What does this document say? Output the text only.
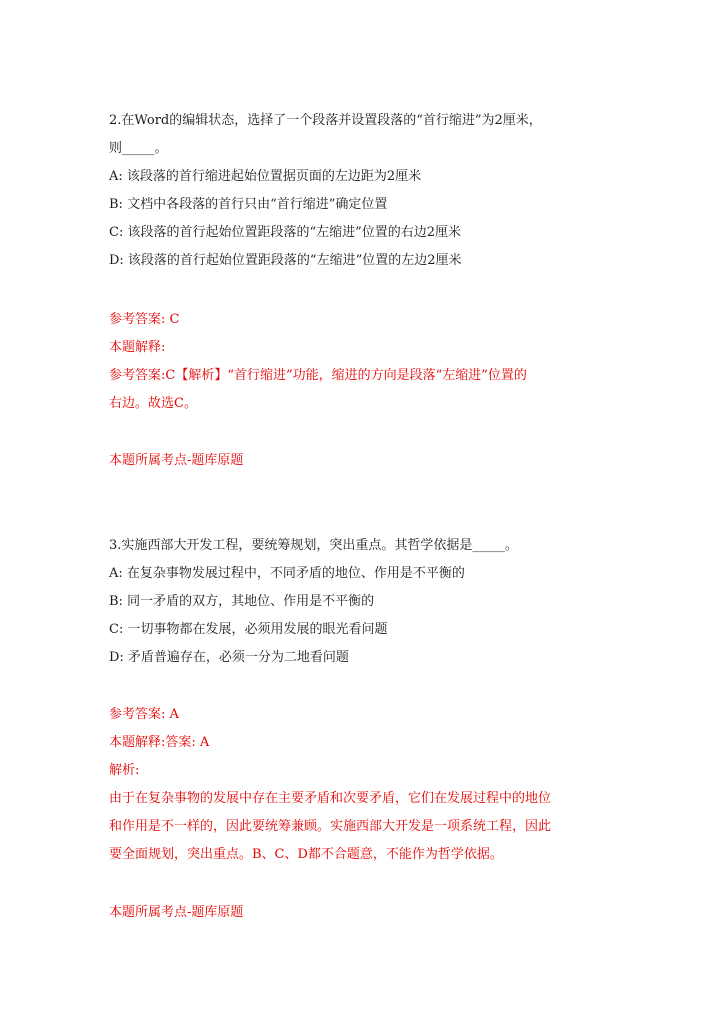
2.在Word的编辑状态，选择了一个段落并设置段落的“首行缩进”为2厘米，
则_____。
A: 该段落的首行缩进起始位置据页面的左边距为2厘米
B: 文档中各段落的首行只由“首行缩进”确定位置
C: 该段落的首行起始位置距段落的“左缩进”位置的右边2厘米
D: 该段落的首行起始位置距段落的“左缩进”位置的左边2厘米
参考答案: C
本题解释:
参考答案:C【解析】“首行缩进”功能，缩进的方向是段落“左缩进”位置的
右边。故选C。
本题所属考点-题库原题
3.实施西部大开发工程，要统筹规划，突出重点。其哲学依据是_____。
A: 在复杂事物发展过程中，不同矛盾的地位、作用是不平衡的
B: 同一矛盾的双方，其地位、作用是不平衡的
C: 一切事物都在发展，必须用发展的眼光看问题
D: 矛盾普遍存在，必须一分为二地看问题
参考答案: A
本题解释:答案: A
解析:
由于在复杂事物的发展中存在主要矛盾和次要矛盾，它们在发展过程中的地位
和作用是不一样的，因此要统筹兼顾。实施西部大开发是一项系统工程，因此
要全面规划，突出重点。B、C、D都不合题意，不能作为哲学依据。
本题所属考点-题库原题
